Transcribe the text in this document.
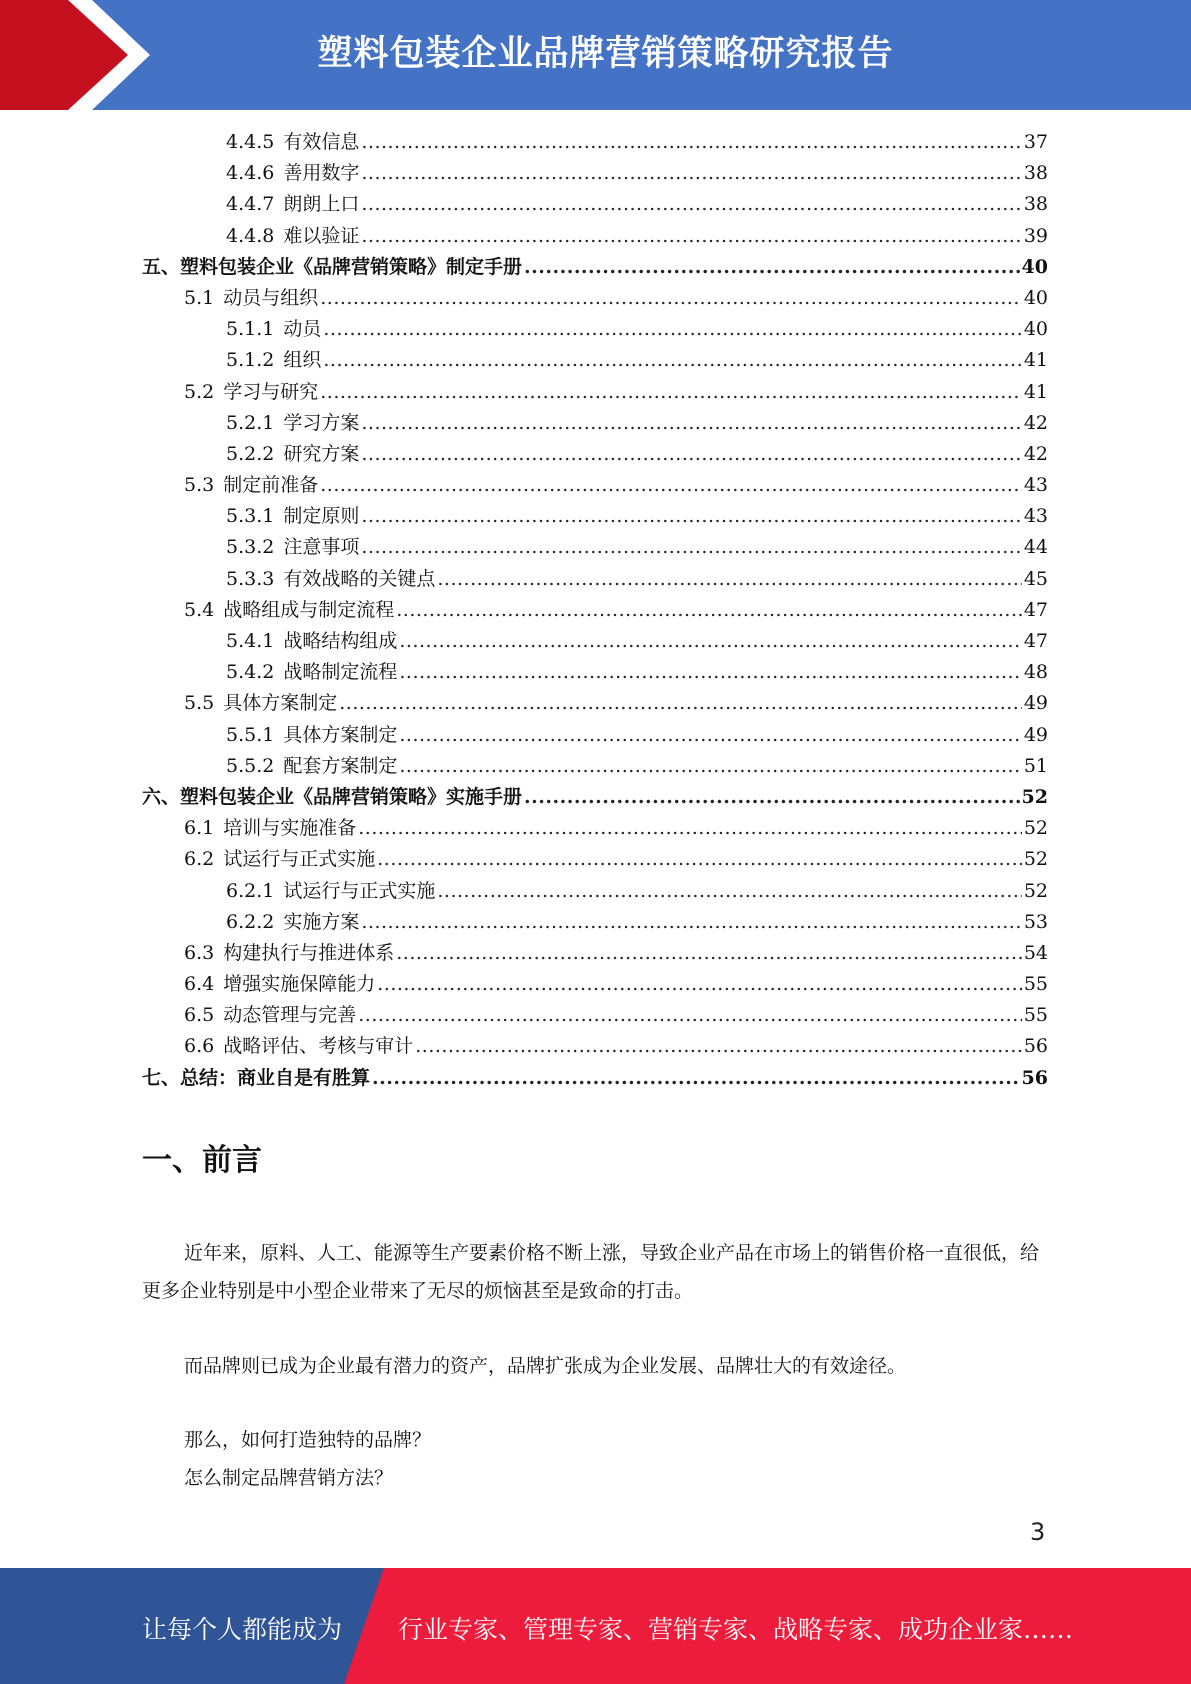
塑料包装企业品牌营销策略研究报告
4.4.5 有效信息 .....	37
4.4.6 善用数字 .....	38
4.4.7 朗朗上口 .....	38
4.4.8 难以验证 .....	39
五、塑料包装企业《品牌营销策略》制定手册 .....	40
5.1 动员与组织 .....	40
5.1.1 动员 .....	40
5.1.2 组织 .....	41
5.2 学习与研究 .....	41
5.2.1 学习方案 .....	42
5.2.2 研究方案 .....	42
5.3 制定前准备 .....	43
5.3.1 制定原则 .....	43
5.3.2 注意事项 .....	44
5.3.3 有效战略的关键点 .....	45
5.4 战略组成与制定流程 .....	47
5.4.1 战略结构组成 .....	47
5.4.2 战略制定流程 .....	48
5.5 具体方案制定 .....	49
5.5.1 具体方案制定 .....	49
5.5.2 配套方案制定 .....	51
六、塑料包装企业《品牌营销策略》实施手册 .....	52
6.1 培训与实施准备 .....	52
6.2 试运行与正式实施 .....	52
6.2.1 试运行与正式实施 .....	52
6.2.2 实施方案 .....	53
6.3 构建执行与推进体系 .....	54
6.4 增强实施保障能力 .....	55
6.5 动态管理与完善 .....	55
6.6 战略评估、考核与审计 .....	56
七、总结：商业自是有胜算 .....	56
一、前言

近年来，原料、人工、能源等生产要素价格不断上涨，导致企业产品在市场上的销售价格一直很低，给更多企业特别是中小型企业带来了无尽的烦恼甚至是致命的打击。

而品牌则已成为企业最有潜力的资产，品牌扩张成为企业发展、品牌壮大的有效途径。

那么，如何打造独特的品牌？

怎么制定品牌营销方法？

3
让每个人都能成为 行业专家、管理专家、营销专家、战略专家、成功企业家……
